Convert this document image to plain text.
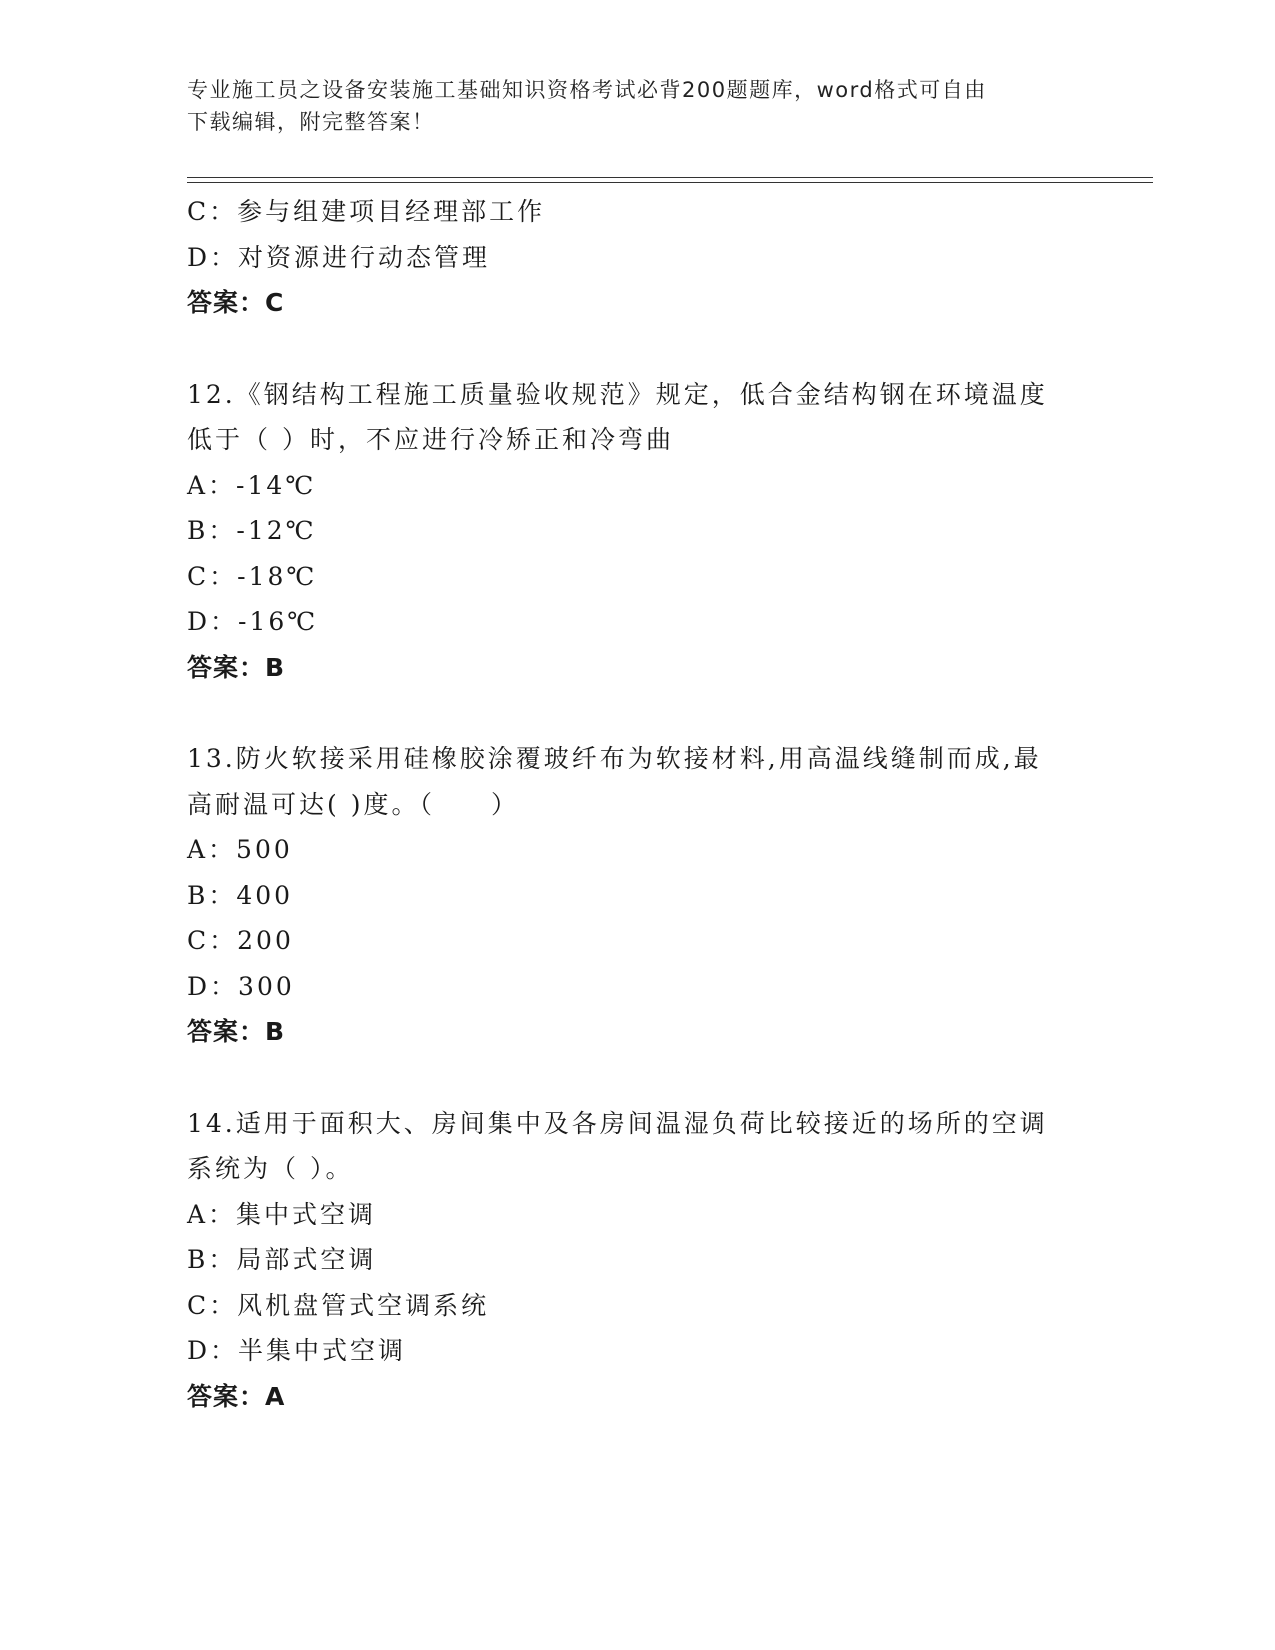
专业施工员之设备安装施工基础知识资格考试必背200题题库，word格式可自由
下载编辑，附完整答案！
C：参与组建项目经理部工作
D：对资源进行动态管理
答案：C
12.《钢结构工程施工质量验收规范》规定，低合金结构钢在环境温度
低于（ ）时，不应进行冷矫正和冷弯曲
A：-14℃
B：-12℃
C：-18℃
D：-16℃
答案：B
13.防火软接采用硅橡胶涂覆玻纤布为软接材料,用高温线缝制而成,最
高耐温可达( )度。（　　）
A：500
B：400
C：200
D：300
答案：B
14.适用于面积大、房间集中及各房间温湿负荷比较接近的场所的空调
系统为（ ）。
A：集中式空调
B：局部式空调
C：风机盘管式空调系统
D：半集中式空调
答案：A
